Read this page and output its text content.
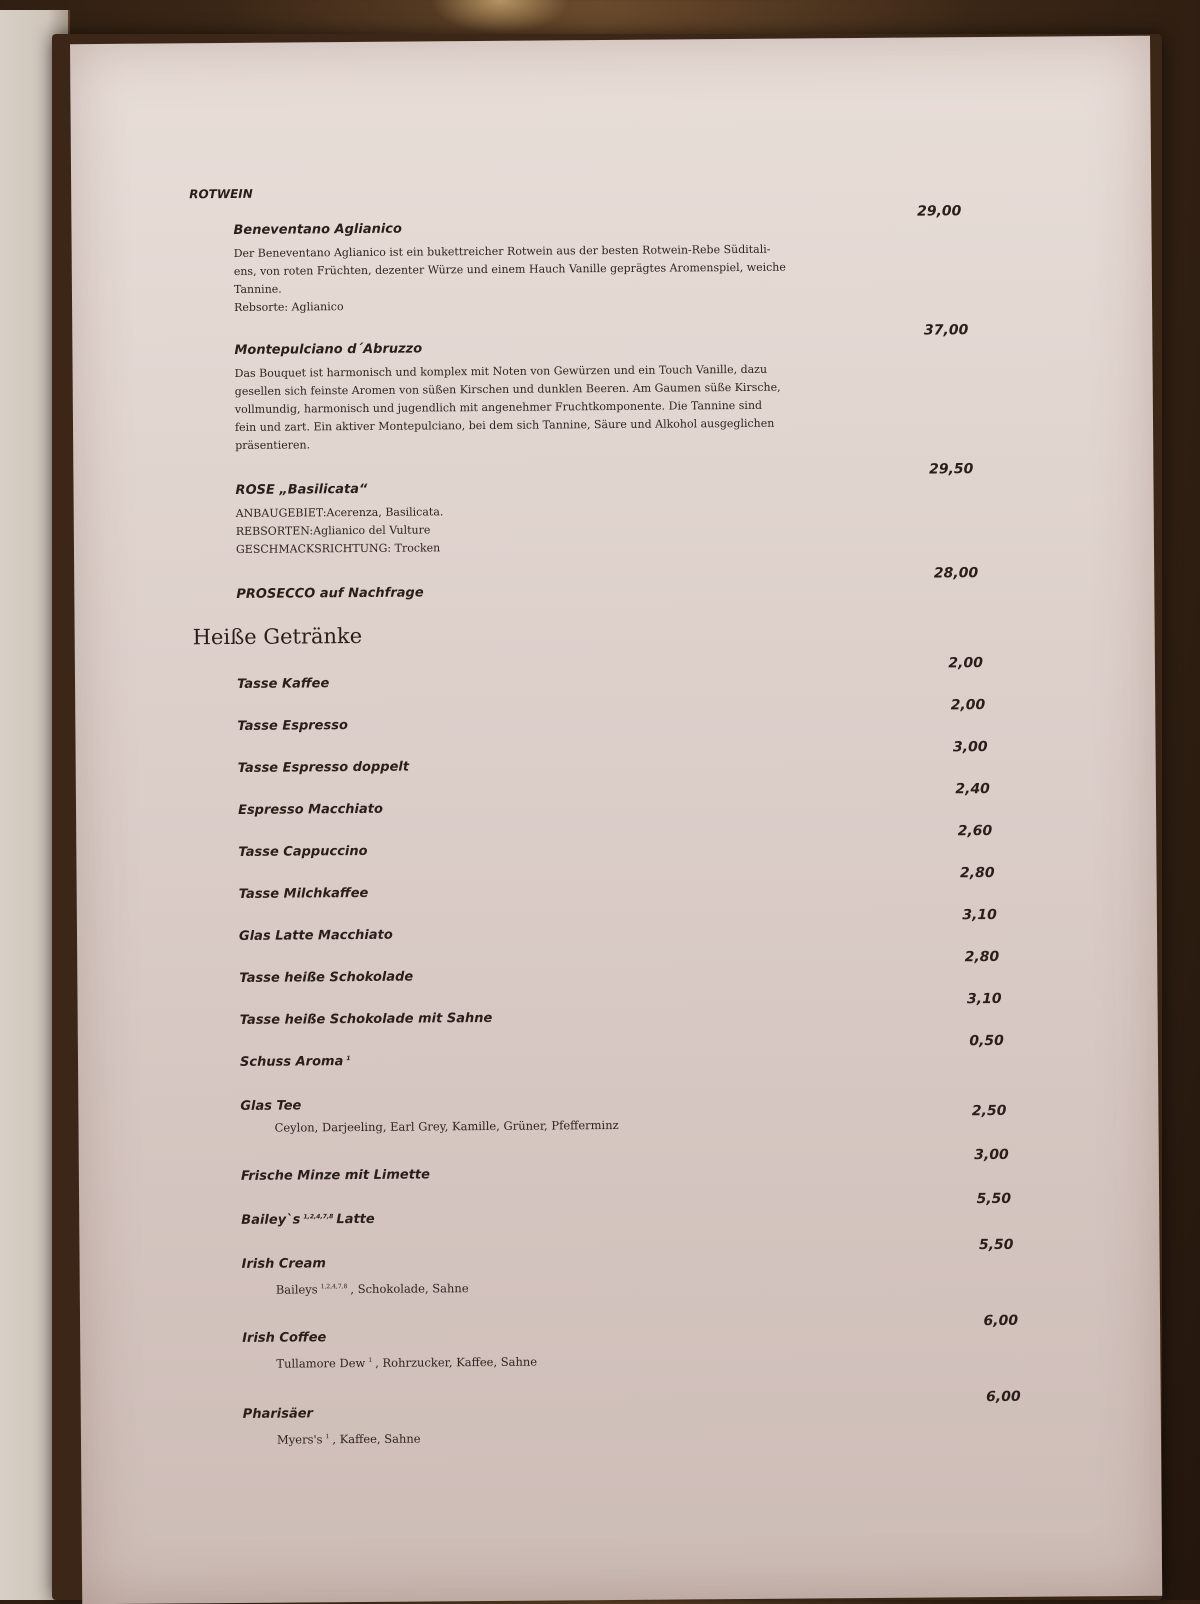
ROTWEIN
Beneventano Aglianico
29,00

Der Beneventano Aglianico ist ein bukettreicher Rotwein aus der besten Rotwein-Rebe Süditali-

ens, von roten Früchten, dezenter Würze und einem Hauch Vanille geprägtes Aromenspiel, weiche

Tannine.

Rebsorte: Aglianico

Montepulciano d´Abruzzo
37,00

Das Bouquet ist harmonisch und komplex mit Noten von Gewürzen und ein Touch Vanille, dazu

gesellen sich feinste Aromen von süßen Kirschen und dunklen Beeren. Am Gaumen süße Kirsche,

vollmundig, harmonisch und jugendlich mit angenehmer Fruchtkomponente. Die Tannine sind

fein und zart. Ein aktiver Montepulciano, bei dem sich Tannine, Säure und Alkohol ausgeglichen

präsentieren.

ROSE „Basilicata“
29,50

ANBAUGEBIET:Acerenza, Basilicata.

REBSORTEN:Aglianico del Vulture

GESCHMACKSRICHTUNG: Trocken

PROSECCO auf Nachfrage
28,00
Heiße Getränke
Tasse Kaffee
2,00
Tasse Espresso
2,00
Tasse Espresso doppelt
3,00
Espresso Macchiato
2,40
Tasse Cappuccino
2,60
Tasse Milchkaffee
2,80
Glas Latte Macchiato
3,10
Tasse heiße Schokolade
2,80
Tasse heiße Schokolade mit Sahne
3,10
Schuss Aroma $^1$
0,50
Glas Tee
Ceylon, Darjeeling, Earl Grey, Kamille, Grüner, Pfefferminz
2,50
Frische Minze mit Limette
3,00
Bailey`s $^{1,2,4,7,8}$ Latte
5,50
Irish Cream
Baileys $^{1,2,4,7,8}$ , Schokolade, Sahne
5,50
Irish Coffee
Tullamore Dew $^1$ , Rohrzucker, Kaffee, Sahne
6,00
Pharisäer
Myers's $^1$ , Kaffee, Sahne
6,00
